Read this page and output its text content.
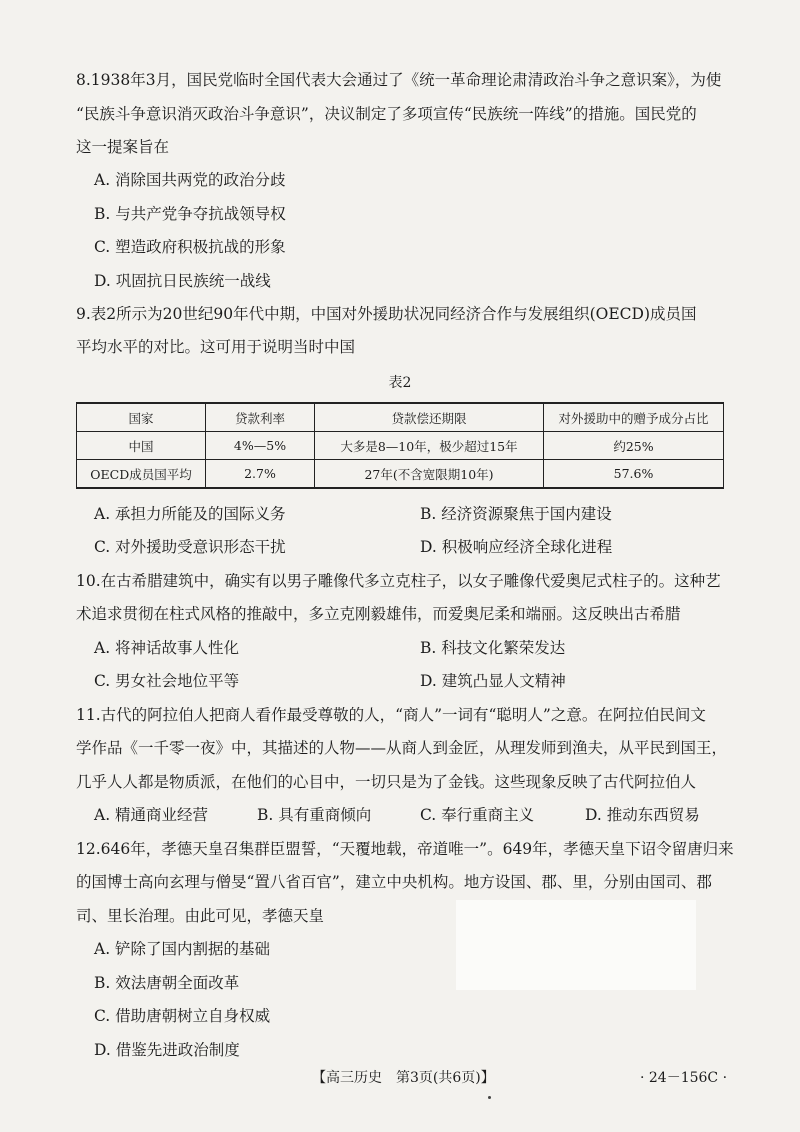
8.1938年3月，国民党临时全国代表大会通过了《统一革命理论肃清政治斗争之意识案》，为使
“民族斗争意识消灭政治斗争意识”，决议制定了多项宣传“民族统一阵线”的措施。国民党的
这一提案旨在
A. 消除国共两党的政治分歧
B. 与共产党争夺抗战领导权
C. 塑造政府积极抗战的形象
D. 巩固抗日民族统一战线
9.表2所示为20世纪90年代中期，中国对外援助状况同经济合作与发展组织(OECD)成员国
平均水平的对比。这可用于说明当时中国
表2
国家	贷款利率	贷款偿还期限	对外援助中的赠予成分占比
中国	4%—5%	大多是8—10年，极少超过15年	约25%
OECD成员国平均	2.7%	27年(不含宽限期10年)	57.6%
A. 承担力所能及的国际义务	B. 经济资源聚焦于国内建设
C. 对外援助受意识形态干扰	D. 积极响应经济全球化进程
10.在古希腊建筑中，确实有以男子雕像代多立克柱子，以女子雕像代爱奥尼式柱子的。这种艺
术追求贯彻在柱式风格的推敲中，多立克刚毅雄伟，而爱奥尼柔和端丽。这反映出古希腊
A. 将神话故事人性化	B. 科技文化繁荣发达
C. 男女社会地位平等	D. 建筑凸显人文精神
11.古代的阿拉伯人把商人看作最受尊敬的人，“商人”一词有“聪明人”之意。在阿拉伯民间文
学作品《一千零一夜》中，其描述的人物——从商人到金匠，从理发师到渔夫，从平民到国王，
几乎人人都是物质派，在他们的心目中，一切只是为了金钱。这些现象反映了古代阿拉伯人
A. 精通商业经营	B. 具有重商倾向	C. 奉行重商主义	D. 推动东西贸易
12.646年，孝德天皇召集群臣盟誓，“天覆地载，帝道唯一”。649年，孝德天皇下诏令留唐归来
的国博士高向玄理与僧旻“置八省百官”，建立中央机构。地方设国、郡、里，分别由国司、郡
司、里长治理。由此可见，孝德天皇
A. 铲除了国内割据的基础
B. 效法唐朝全面改革
C. 借助唐朝树立自身权威
D. 借鉴先进政治制度
【高三历史　第3页(共6页)】	· 24－156C ·
